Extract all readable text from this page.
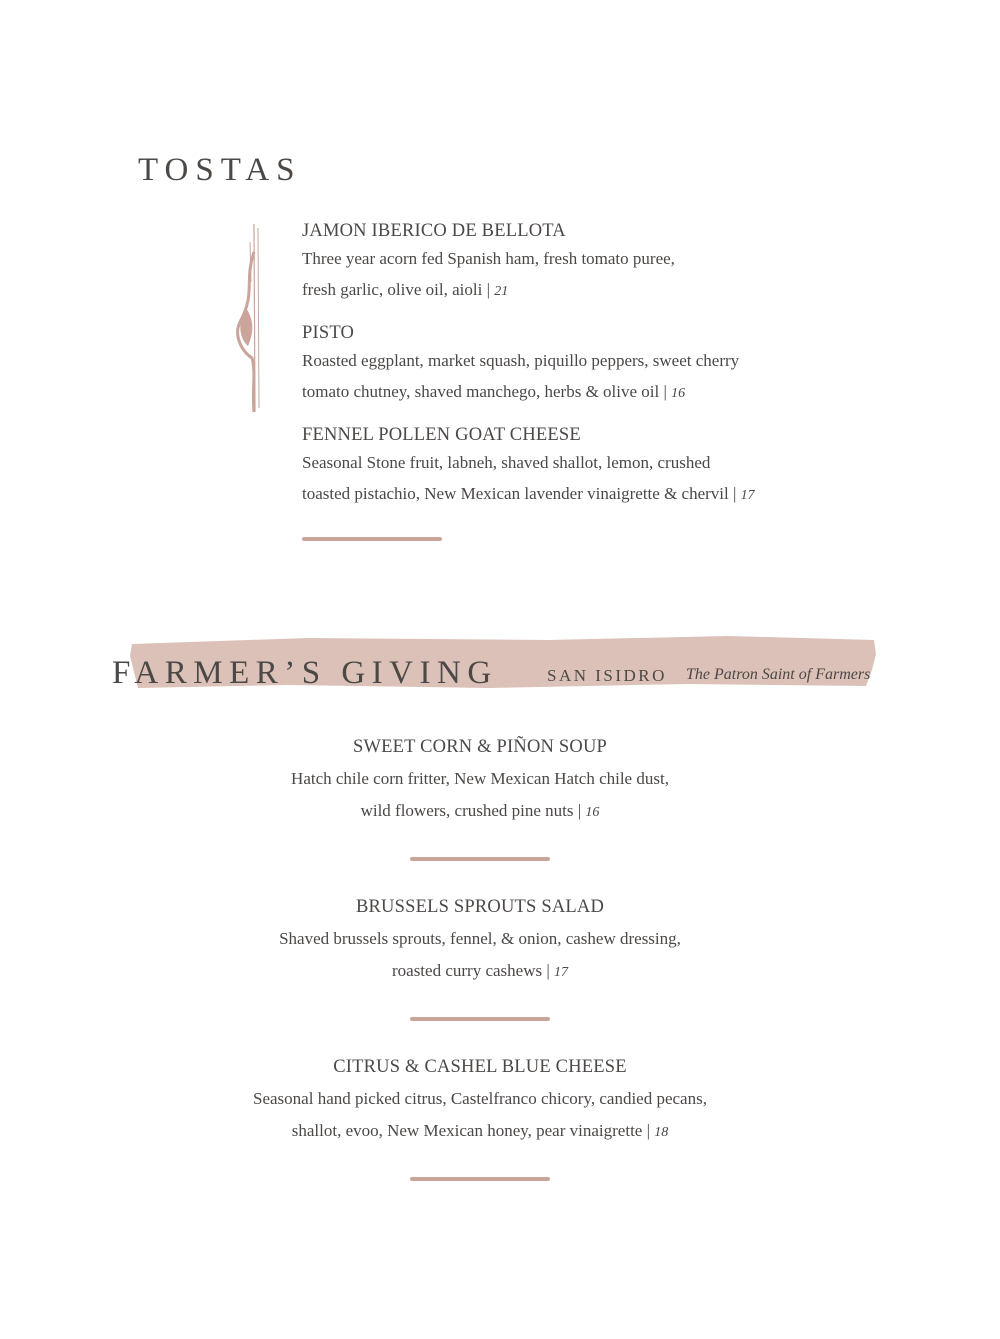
TOSTAS
JAMON IBERICO DE BELLOTA
Three year acorn fed Spanish ham, fresh tomato puree,
fresh garlic, olive oil, aioli | 21
PISTO
Roasted eggplant, market squash, piquillo peppers, sweet cherry
tomato chutney, shaved manchego, herbs & olive oil | 16
FENNEL POLLEN GOAT CHEESE
Seasonal Stone fruit, labneh, shaved shallot, lemon, crushed
toasted pistachio, New Mexican lavender vinaigrette & chervil | 17
FARMER’S GIVING	SAN ISIDRO The Patron Saint of Farmers
SWEET CORN & PIÑON SOUP
Hatch chile corn fritter, New Mexican Hatch chile dust,
wild flowers, crushed pine nuts | 16
BRUSSELS SPROUTS SALAD
Shaved brussels sprouts, fennel, & onion, cashew dressing,
roasted curry cashews | 17
CITRUS & CASHEL BLUE CHEESE
Seasonal hand picked citrus, Castelfranco chicory, candied pecans,
shallot, evoo, New Mexican honey, pear vinaigrette | 18
